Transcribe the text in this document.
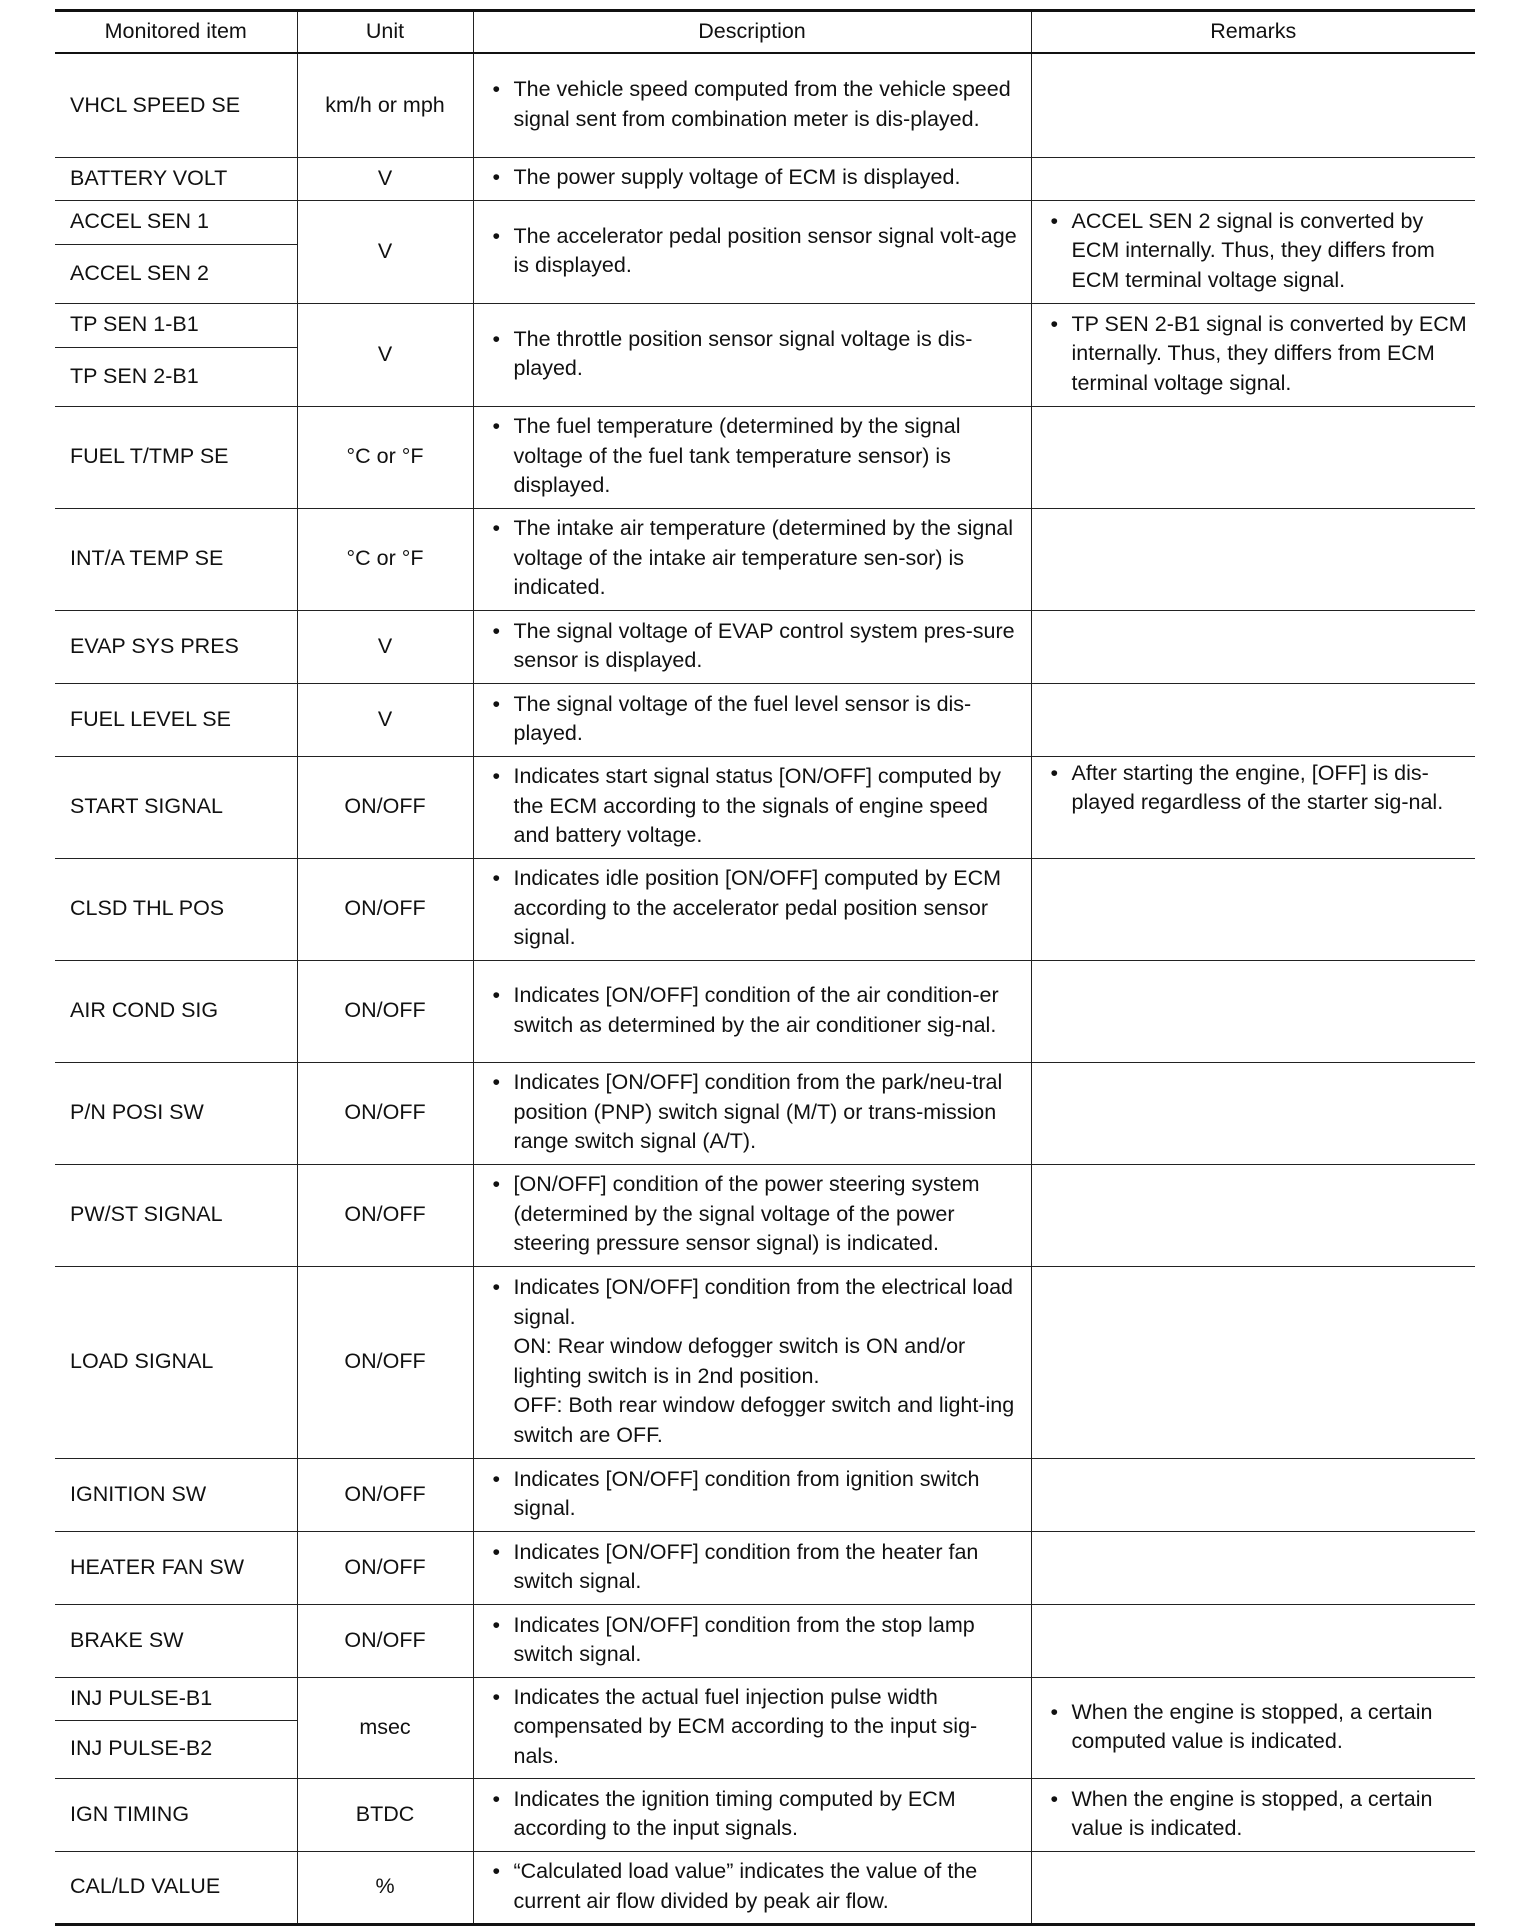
Monitored item	Unit	Description	Remarks
VHCL SPEED SE	km/h or mph	• The vehicle speed computed from the vehicle speed signal sent from combination meter is dis-played.	

BATTERY VOLT	V	• The power supply voltage of ECM is displayed.	

ACCEL SEN 1	V	• The accelerator pedal position sensor signal volt-age is displayed.	• ACCEL SEN 2 signal is converted by ECM internally. Thus, they differs from ECM terminal voltage signal.

ACCEL SEN 2			
TP SEN 1-B1	V	• The throttle position sensor signal voltage is dis-played.	• TP SEN 2-B1 signal is converted by ECM internally. Thus, they differs from ECM terminal voltage signal.

TP SEN 2-B1			
FUEL T/TMP SE	°C or °F	• The fuel temperature (determined by the signal voltage of the fuel tank temperature sensor) is displayed.	

INT/A TEMP SE	°C or °F	• The intake air temperature (determined by the signal voltage of the intake air temperature sen-sor) is indicated.	

EVAP SYS PRES	V	• The signal voltage of EVAP control system pres-sure sensor is displayed.	

FUEL LEVEL SE	V	• The signal voltage of the fuel level sensor is dis-played.	

START SIGNAL	ON/OFF	• Indicates start signal status [ON/OFF] computed by the ECM according to the signals of engine speed and battery voltage.	• After starting the engine, [OFF] is dis-played regardless of the starter sig-nal.

CLSD THL POS	ON/OFF	• Indicates idle position [ON/OFF] computed by ECM according to the accelerator pedal position sensor signal.	

AIR COND SIG	ON/OFF	• Indicates [ON/OFF] condition of the air condition-er switch as determined by the air conditioner sig-nal.	

P/N POSI SW	ON/OFF	• Indicates [ON/OFF] condition from the park/neu-tral position (PNP) switch signal (M/T) or trans-mission range switch signal (A/T).	

PW/ST SIGNAL	ON/OFF	• [ON/OFF] condition of the power steering system (determined by the signal voltage of the power steering pressure sensor signal) is indicated.	

LOAD SIGNAL	ON/OFF	• Indicates [ON/OFF] condition from the electrical load signal.
ON: Rear window defogger switch is ON and/or lighting switch is in 2nd position.
OFF: Both rear window defogger switch and light-ing switch are OFF.	

IGNITION SW	ON/OFF	• Indicates [ON/OFF] condition from ignition switch signal.	

HEATER FAN SW	ON/OFF	• Indicates [ON/OFF] condition from the heater fan switch signal.	

BRAKE SW	ON/OFF	• Indicates [ON/OFF] condition from the stop lamp switch signal.	

INJ PULSE-B1	msec	• Indicates the actual fuel injection pulse width compensated by ECM according to the input sig-nals.	• When the engine is stopped, a certain computed value is indicated.

INJ PULSE-B2			
IGN TIMING	BTDC	• Indicates the ignition timing computed by ECM according to the input signals.	• When the engine is stopped, a certain value is indicated.

CAL/LD VALUE	%	• “Calculated load value” indicates the value of the current air flow divided by peak air flow.	
